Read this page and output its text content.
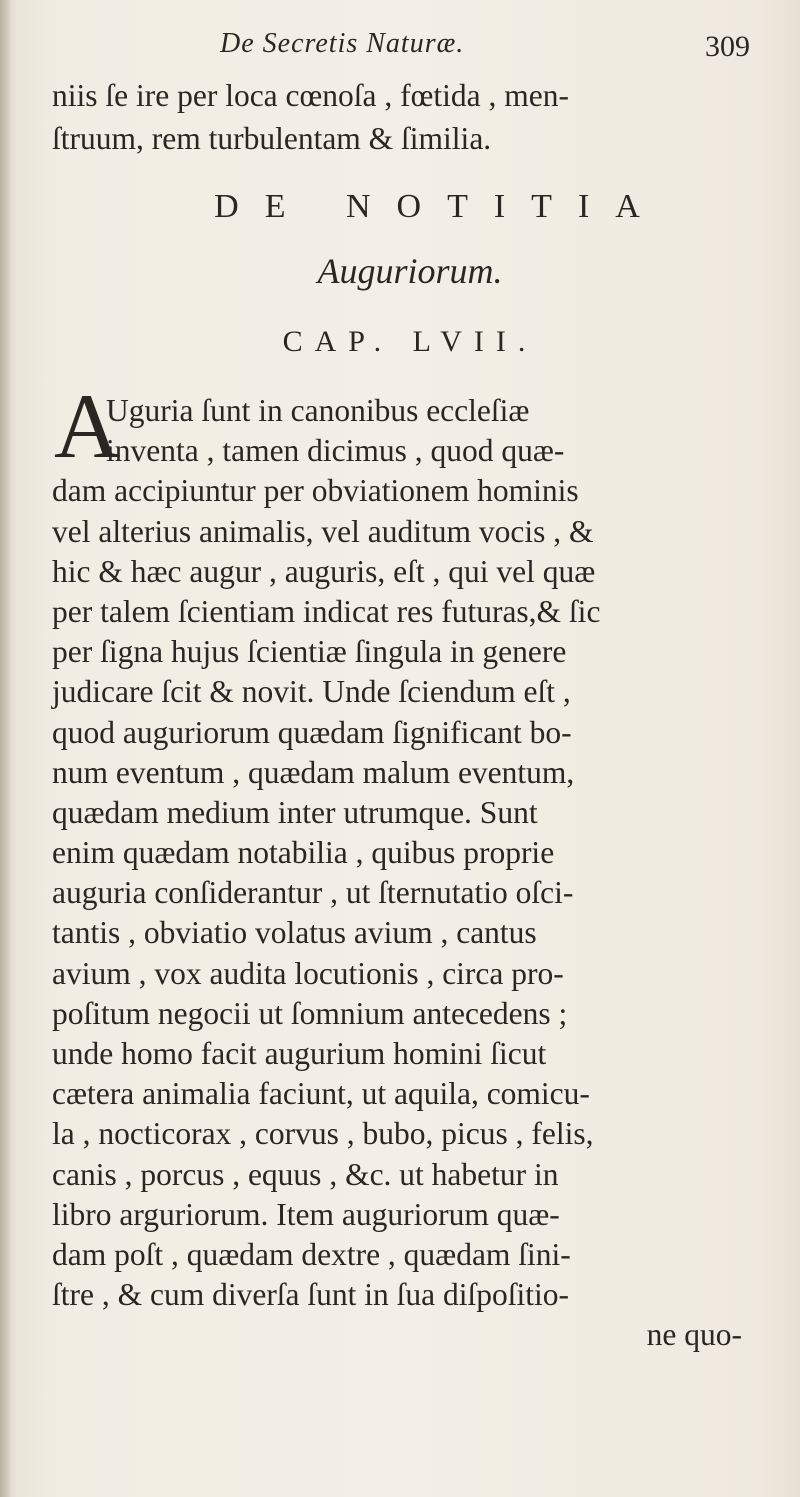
De Secretis Naturæ.	309
niis ſe ire per loca cœnoſa , fœtida , men-
ſtruum, rem turbulentam & ſimilia.
DE NOTITIA
Auguriorum.
CAP. LVII.
A
Uguria ſunt in canonibus eccleſiæ
inventa , tamen dicimus , quod quæ-
dam accipiuntur per obviationem hominis
vel alterius animalis, vel auditum vocis , &
hic & hæc augur , auguris, eſt , qui vel quæ
per talem ſcientiam indicat res futuras,& ſic
per ſigna hujus ſcientiæ ſingula in genere
judicare ſcit & novit. Unde ſciendum eſt ,
quod auguriorum quædam ſignificant bo-
num eventum , quædam malum eventum,
quædam medium inter utrumque. Sunt
enim quædam notabilia , quibus proprie
auguria conſiderantur , ut ſternutatio oſci-
tantis , obviatio volatus avium , cantus
avium , vox audita locutionis , circa pro-
poſitum negocii ut ſomnium antecedens ;
unde homo facit augurium homini ſicut
cætera animalia faciunt, ut aquila, comicu-
la , nocticorax , corvus , bubo, picus , felis,
canis , porcus , equus , &c. ut habetur in
libro arguriorum. Item auguriorum quæ-
dam poſt , quædam dextre , quædam ſini-
ſtre , & cum diverſa ſunt in ſua diſpoſitio-
ne quo-
